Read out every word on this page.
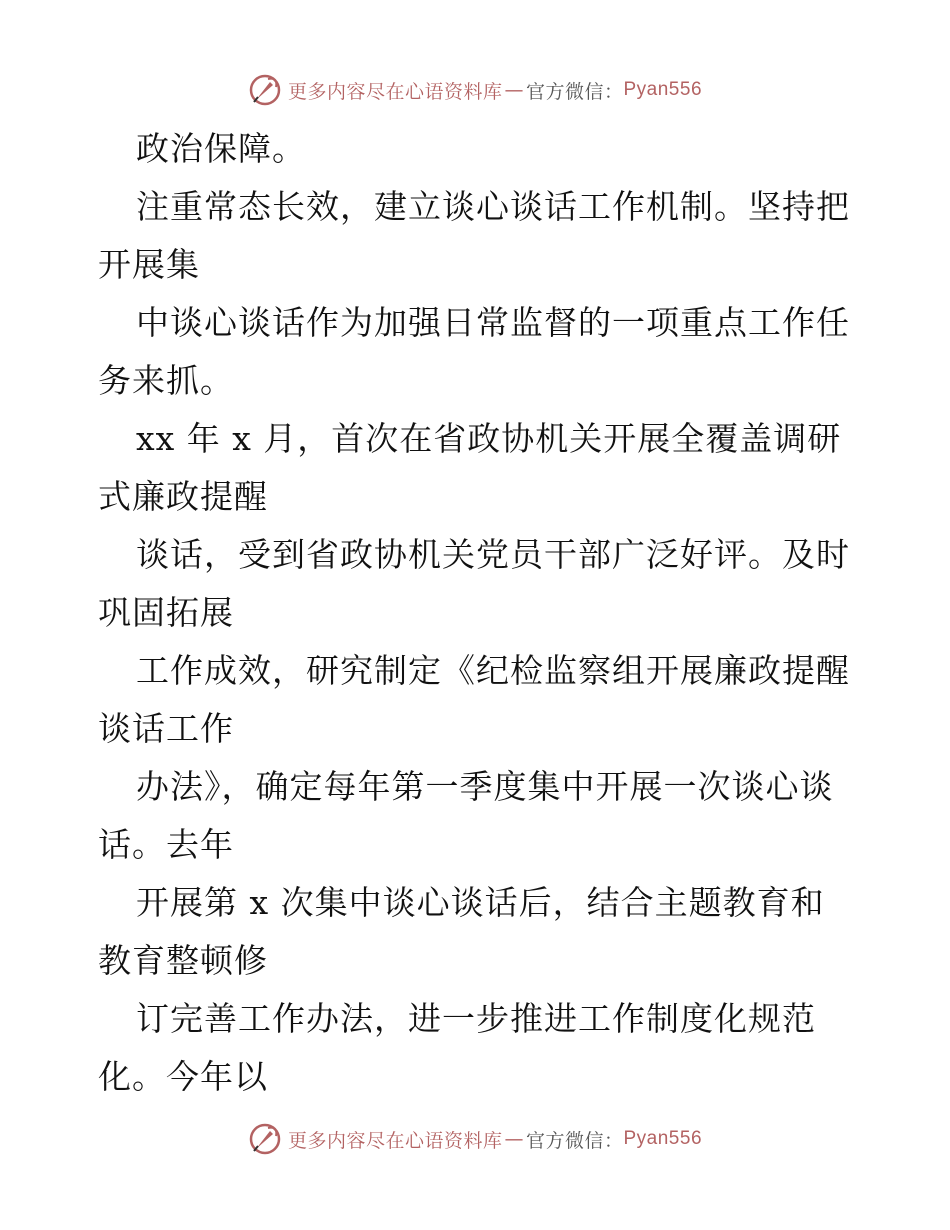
更多内容尽在心语资料库 — 官方微信： Pyan556
政治保障。
注重常态长效，建立谈心谈话工作机制。坚持把
开展集
中谈心谈话作为加强日常监督的一项重点工作任
务来抓。
xx 年 x 月，首次在省政协机关开展全覆盖调研
式廉政提醒
谈话，受到省政协机关党员干部广泛好评。及时
巩固拓展
工作成效，研究制定《纪检监察组开展廉政提醒
谈话工作
办法》，确定每年第一季度集中开展一次谈心谈
话。去年
开展第 x 次集中谈心谈话后，结合主题教育和
教育整顿修
订完善工作办法，进一步推进工作制度化规范
化。今年以
更多内容尽在心语资料库 — 官方微信： Pyan556
